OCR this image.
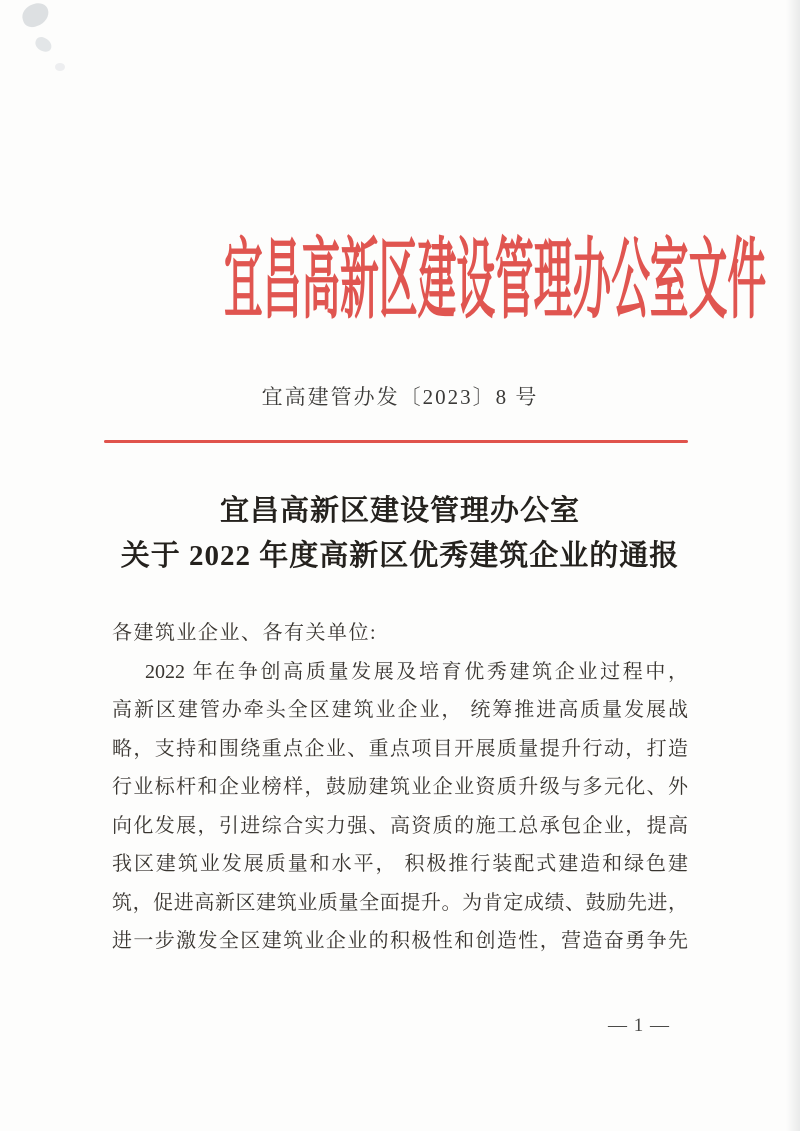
宜昌高新区建设管理办公室文件
宜高建管办发〔2023〕8 号
宜昌高新区建设管理办公室
关于 2022 年度高新区优秀建筑企业的通报
各建筑业企业、各有关单位:
2022 年在争创高质量发展及培育优秀建筑企业过程中，
高新区建管办牵头全区建筑业企业， 统筹推进高质量发展战
略，支持和围绕重点企业、重点项目开展质量提升行动，打造
行业标杆和企业榜样，鼓励建筑业企业资质升级与多元化、外
向化发展，引进综合实力强、高资质的施工总承包企业，提高
我区建筑业发展质量和水平， 积极推行装配式建造和绿色建
筑，促进高新区建筑业质量全面提升。为肯定成绩、鼓励先进，
进一步激发全区建筑业企业的积极性和创造性，营造奋勇争先
— 1 —
